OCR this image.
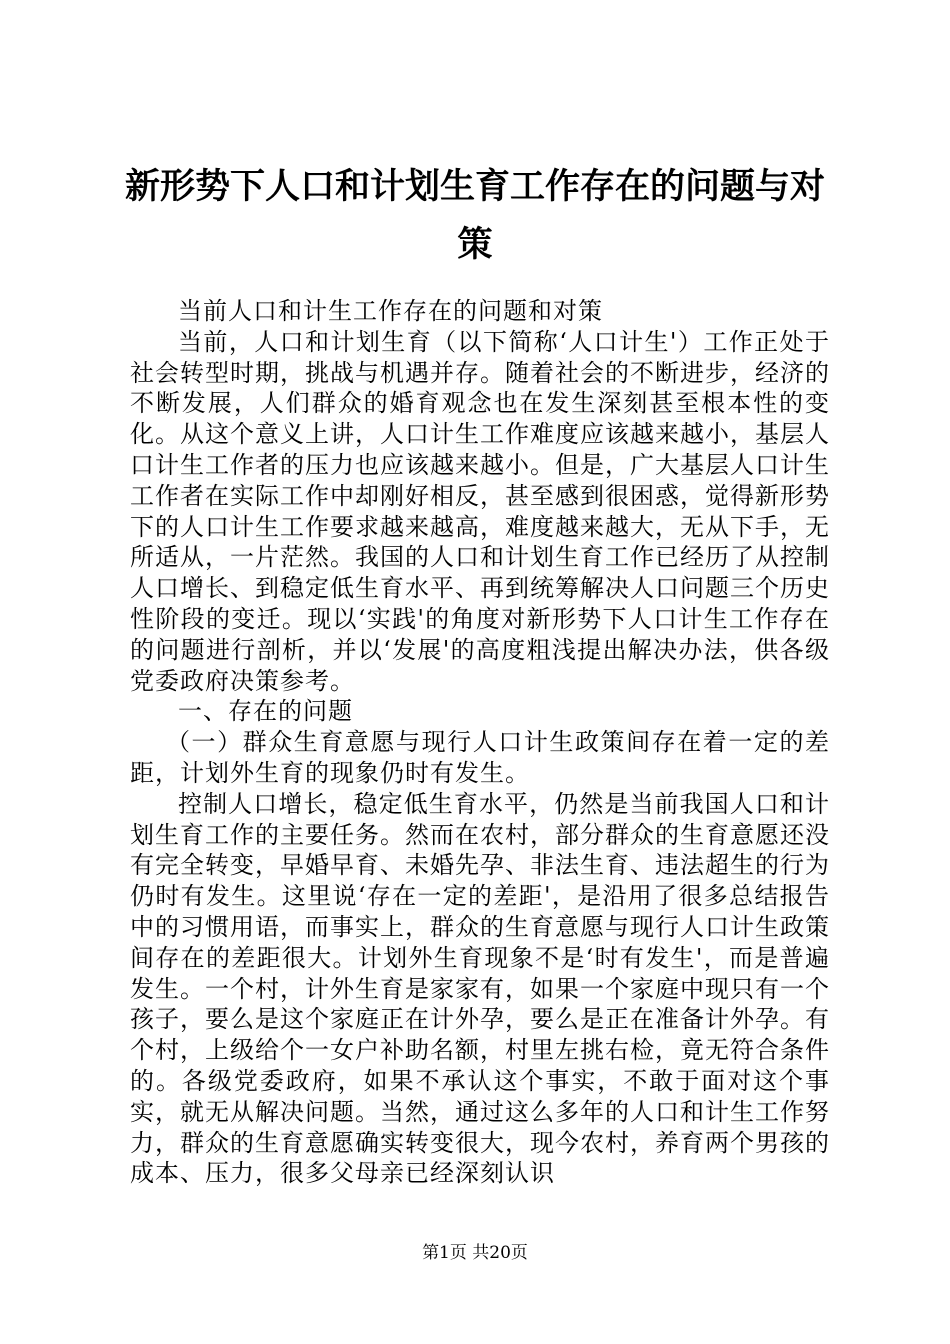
新形势下人口和计划生育工作存在的问题与对策

当前人口和计生工作存在的问题和对策

当前，人口和计划生育（以下简称‘人口计生'）工作正处于社会转型时期，挑战与机遇并存。随着社会的不断进步，经济的不断发展，人们群众的婚育观念也在发生深刻甚至根本性的变化。从这个意义上讲，人口计生工作难度应该越来越小，基层人口计生工作者的压力也应该越来越小。但是，广大基层人口计生工作者在实际工作中却刚好相反，甚至感到很困惑，觉得新形势下的人口计生工作要求越来越高，难度越来越大，无从下手，无所适从，一片茫然。我国的人口和计划生育工作已经历了从控制人口增长、到稳定低生育水平、再到统筹解决人口问题三个历史性阶段的变迁。现以‘实践'的角度对新形势下人口计生工作存在的问题进行剖析，并以‘发展'的高度粗浅提出解决办法，供各级党委政府决策参考。

一、存在的问题

（一）群众生育意愿与现行人口计生政策间存在着一定的差距，计划外生育的现象仍时有发生。

控制人口增长，稳定低生育水平，仍然是当前我国人口和计划生育工作的主要任务。然而在农村，部分群众的生育意愿还没有完全转变，早婚早育、未婚先孕、非法生育、违法超生的行为仍时有发生。这里说‘存在一定的差距'，是沿用了很多总结报告中的习惯用语，而事实上，群众的生育意愿与现行人口计生政策间存在的差距很大。计划外生育现象不是‘时有发生'，而是普遍发生。一个村，计外生育是家家有，如果一个家庭中现只有一个孩子，要么是这个家庭正在计外孕，要么是正在准备计外孕。有个村，上级给个一女户补助名额，村里左挑右检，竟无符合条件的。各级党委政府，如果不承认这个事实，不敢于面对这个事实，就无从解决问题。当然，通过这么多年的人口和计生工作努力，群众的生育意愿确实转变很大，现今农村，养育两个男孩的成本、压力，很多父母亲已经深刻认识

第1页 共20页
